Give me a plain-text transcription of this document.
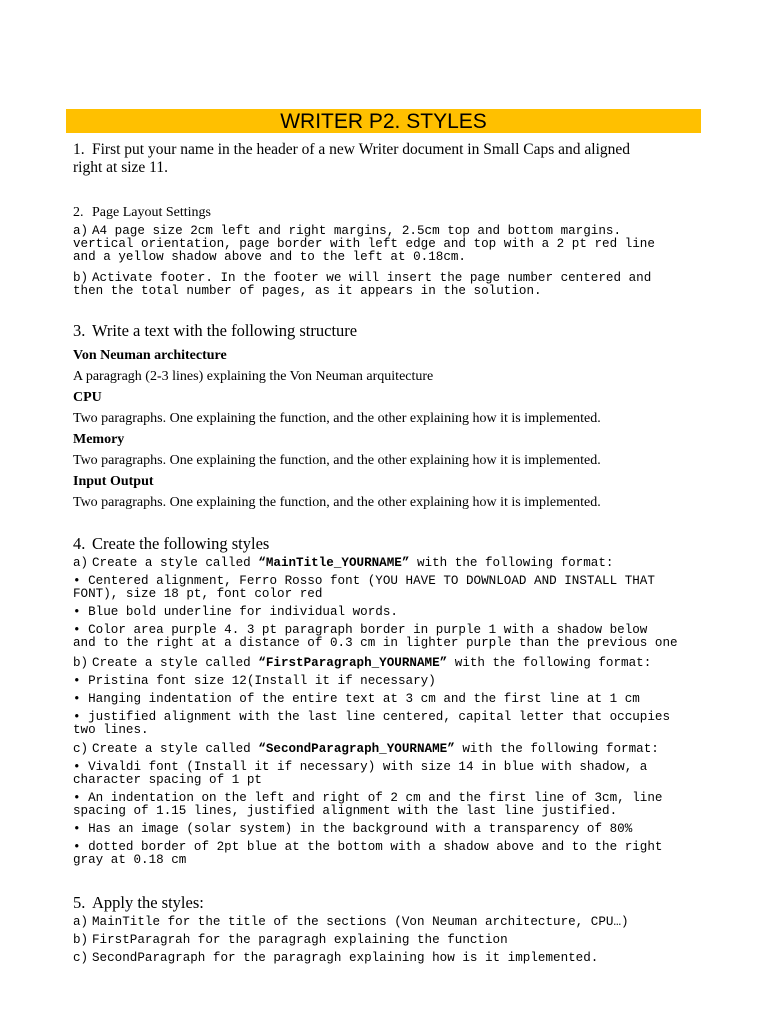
WRITER P2. STYLES
1. First put your name in the header of a new Writer document in Small Caps and aligned
right at size 11.
2. Page Layout Settings
a) A4 page size 2cm left and right margins, 2.5cm top and bottom margins.
vertical orientation, page border with left edge and top with a 2 pt red line
and a yellow shadow above and to the left at 0.18cm.
b) Activate footer. In the footer we will insert the page number centered and
then the total number of pages, as it appears in the solution.
3. Write a text with the following structure
Von Neuman architecture
A paragragh (2-3 lines) explaining the Von Neuman arquitecture
CPU
Two paragraphs. One explaining the function, and the other explaining how it is implemented.
Memory
Two paragraphs. One explaining the function, and the other explaining how it is implemented.
Input Output
Two paragraphs. One explaining the function, and the other explaining how it is implemented.
4. Create the following styles
a) Create a style called “MainTitle_YOURNAME” with the following format:
• Centered alignment, Ferro Rosso font (YOU HAVE TO DOWNLOAD AND INSTALL THAT
FONT), size 18 pt, font color red
• Blue bold underline for individual words.
• Color area purple 4. 3 pt paragraph border in purple 1 with a shadow below
and to the right at a distance of 0.3 cm in lighter purple than the previous one
b) Create a style called “FirstParagraph_YOURNAME” with the following format:
• Pristina font size 12(Install it if necessary)
• Hanging indentation of the entire text at 3 cm and the first line at 1 cm
• justified alignment with the last line centered, capital letter that occupies
two lines.
c) Create a style called “SecondParagraph_YOURNAME” with the following format:
• Vivaldi font (Install it if necessary) with size 14 in blue with shadow, a
character spacing of 1 pt
• An indentation on the left and right of 2 cm and the first line of 3cm, line
spacing of 1.15 lines, justified alignment with the last line justified.
• Has an image (solar system) in the background with a transparency of 80%
• dotted border of 2pt blue at the bottom with a shadow above and to the right
gray at 0.18 cm
5. Apply the styles:
a) MainTitle for the title of the sections (Von Neuman architecture, CPU…)
b) FirstParagrah for the paragragh explaining the function
c) SecondParagraph for the paragragh explaining how is it implemented.
